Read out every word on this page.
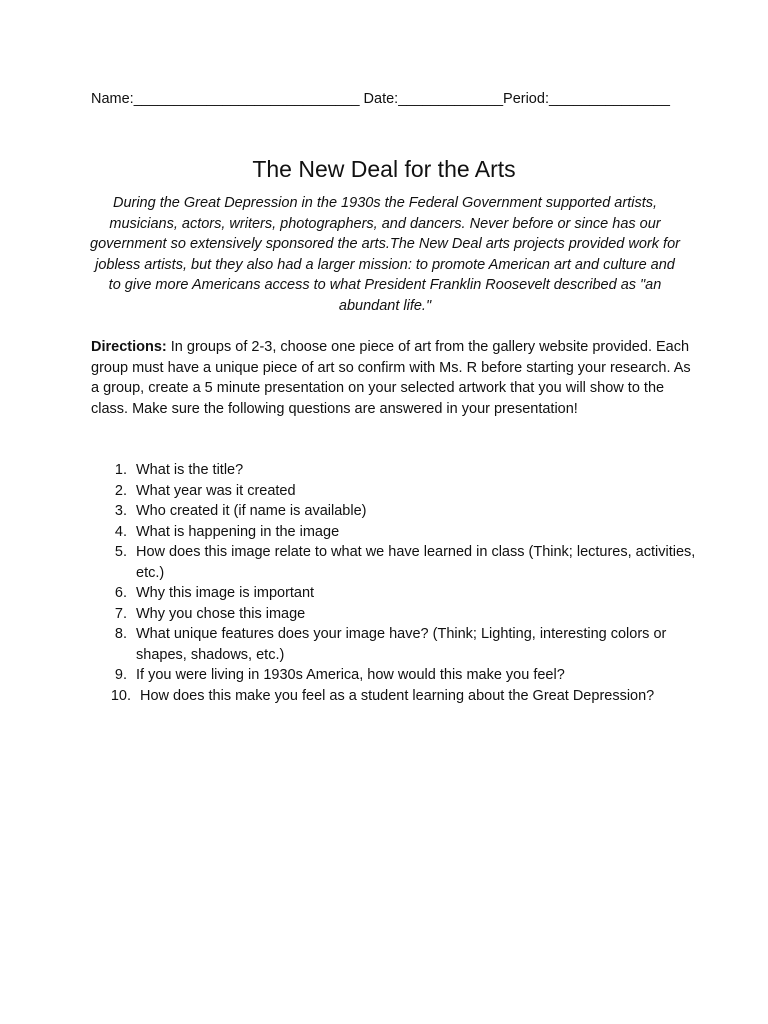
Name:____________________________ Date:_____________Period:_______________
The New Deal for the Arts

During the Great Depression in the 1930s the Federal Government supported artists, musicians, actors, writers, photographers, and dancers. Never before or since has our government so extensively sponsored the arts.The New Deal arts projects provided work for jobless artists, but they also had a larger mission: to promote American art and culture and to give more Americans access to what President Franklin Roosevelt described as "an abundant life."

Directions: In groups of 2-3, choose one piece of art from the gallery website provided. Each group must have a unique piece of art so confirm with Ms. R before starting your research. As a group, create a 5 minute presentation on your selected artwork that you will show to the class. Make sure the following questions are answered in your presentation!

1. What is the title?
2. What year was it created
3. Who created it (if name is available)
4. What is happening in the image
5. How does this image relate to what we have learned in class (Think; lectures, activities, etc.)
6. Why this image is important
7. Why you chose this image
8. What unique features does your image have? (Think; Lighting, interesting colors or shapes, shadows, etc.)
9. If you were living in 1930s America, how would this make you feel?
10. How does this make you feel as a student learning about the Great Depression?
